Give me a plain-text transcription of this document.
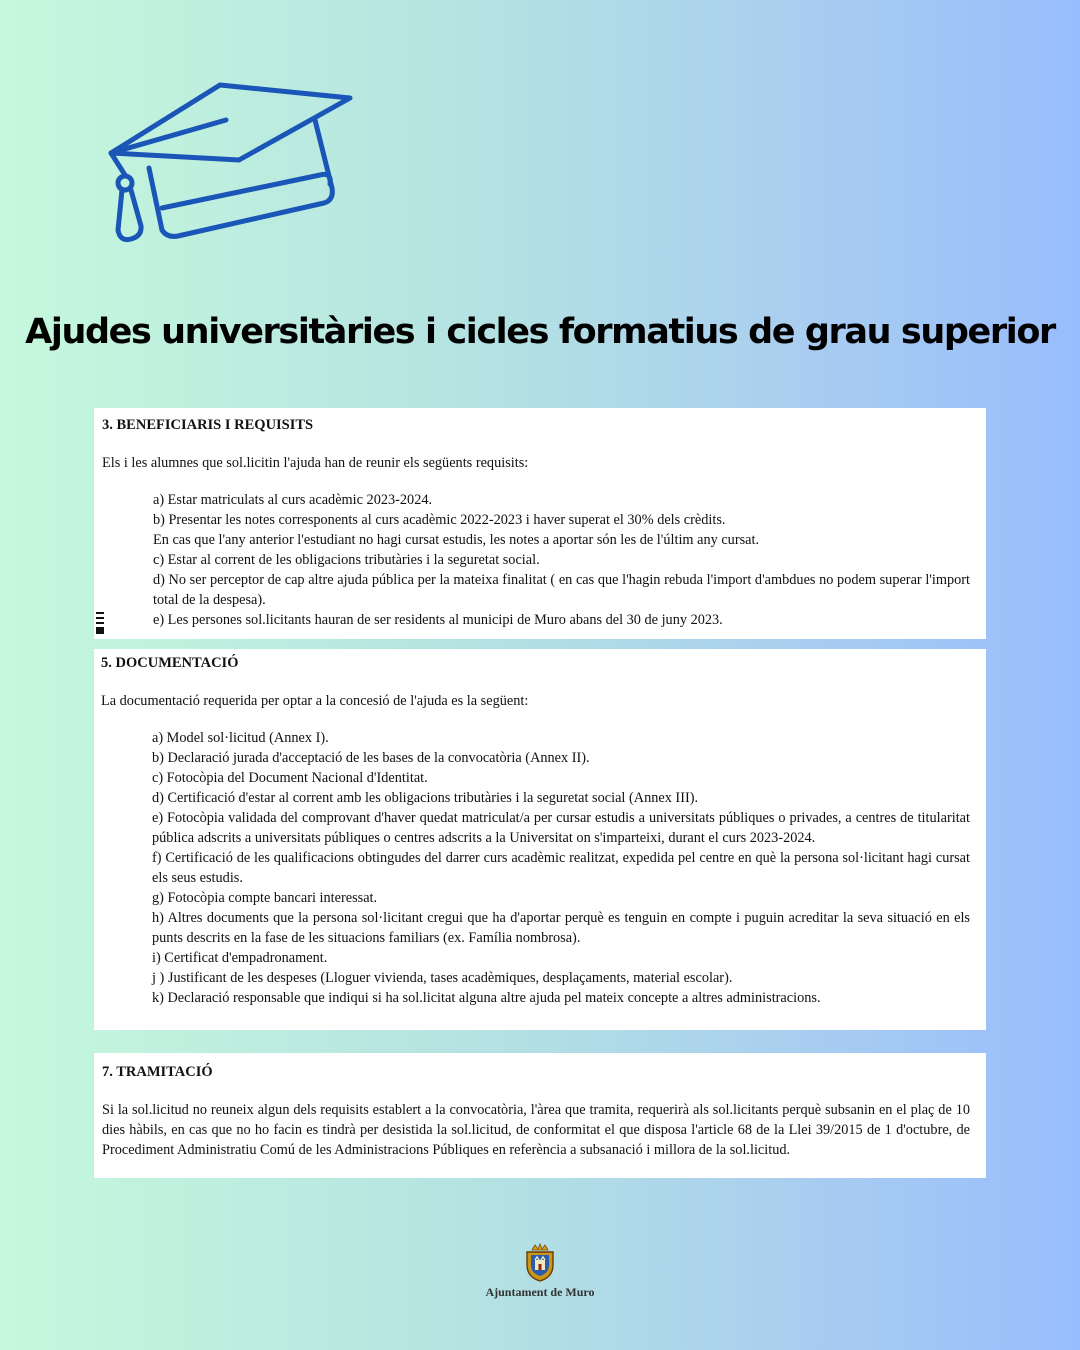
Ajudes universitàries i cicles formatius de grau superior
3. BENEFICIARIS I REQUISITS
Els i les alumnes que sol.licitin l'ajuda han de reunir els següents requisits:
a) Estar matriculats al curs acadèmic 2023-2024.
b) Presentar les notes corresponents al curs acadèmic 2022-2023 i haver superat el 30% dels crèdits.
En cas que l'any anterior l'estudiant no hagi cursat estudis, les notes a aportar són les de l'últim any cursat.
c) Estar al corrent de les obligacions tributàries i la seguretat social.
d) No ser perceptor de cap altre ajuda pública per la mateixa finalitat ( en cas que l'hagin rebuda l'import d'ambdues no podem superar l'import total de la despesa).
e) Les persones sol.licitants hauran de ser residents al municipi de Muro abans del 30 de juny 2023.
5. DOCUMENTACIÓ
La documentació requerida per optar a la concesió de l'ajuda es la següent:
a) Model sol·licitud (Annex I).
b) Declaració jurada d'acceptació de les bases de la convocatòria (Annex II).
c) Fotocòpia del Document Nacional d'Identitat.
d) Certificació d'estar al corrent amb les obligacions tributàries i la seguretat social (Annex III).
e) Fotocòpia validada del comprovant d'haver quedat matriculat/a per cursar estudis a universitats públiques o privades, a centres de titularitat pública adscrits a universitats públiques o centres adscrits a la Universitat on s'imparteixi, durant el curs 2023-2024.
f) Certificació de les qualificacions obtingudes del darrer curs acadèmic realitzat, expedida pel centre en què la persona sol·licitant hagi cursat els seus estudis.
g) Fotocòpia compte bancari interessat.
h) Altres documents que la persona sol·licitant cregui que ha d'aportar perquè es tenguin en compte i puguin acreditar la seva situació en els punts descrits en la fase de les situacions familiars (ex. Família nombrosa).
i) Certificat d'empadronament.
j ) Justificant de les despeses (Lloguer vivienda, tases acadèmiques, desplaçaments, material escolar).
k) Declaració responsable que indiqui si ha sol.licitat alguna altre ajuda pel mateix concepte a altres administracions.
7. TRAMITACIÓ

Si la sol.licitud no reuneix algun dels requisits establert a la convocatòria, l'àrea que tramita, requerirà als sol.licitants perquè subsanin en el plaç de 10 dies hàbils, en cas que no ho facin es tindrà per desistida la sol.licitud, de conformitat el que disposa l'article 68 de la Llei 39/2015 de 1 d'octubre, de Procediment Administratiu Comú de les Administracions Públiques en referència a subsanació i millora de la sol.licitud.

Ajuntament de Muro
